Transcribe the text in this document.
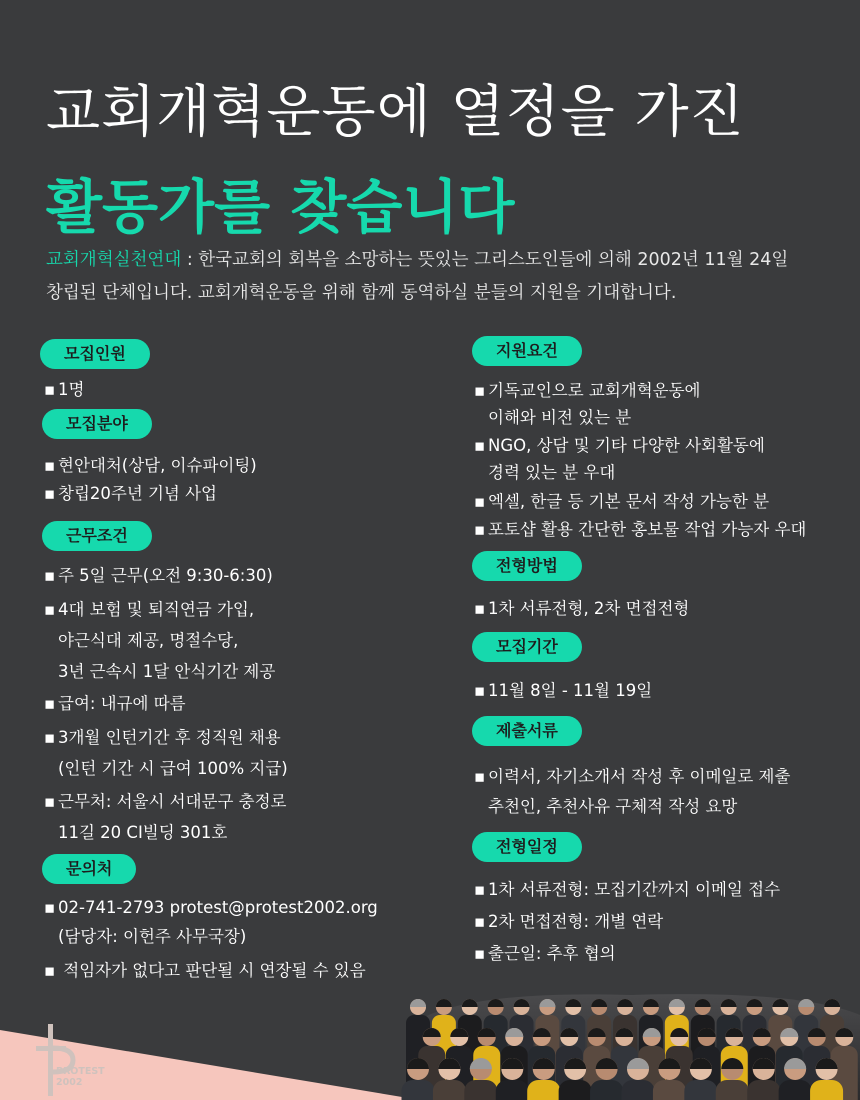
교회개혁운동에 열정을 가진
활동가를 찾습니다
교회개혁실천연대 : 한국교회의 회복을 소망하는 뜻있는 그리스도인들에 의해 2002년 11월 24일
창립된 단체입니다. 교회개혁운동을 위해 함께 동역하실 분들의 지원을 기대합니다.
모집인원
▪ 1명
모집분야
▪ 현안대처(상담, 이슈파이팅)
▪ 창립20주년 기념 사업
근무조건
▪ 주 5일 근무(오전 9:30-6:30)
▪ 4대 보험 및 퇴직연금 가입,
야근식대 제공, 명절수당,
3년 근속시 1달 안식기간 제공
▪ 급여: 내규에 따름
▪ 3개월 인턴기간 후 정직원 채용
(인턴 기간 시 급여 100% 지급)
▪ 근무처: 서울시 서대문구 충정로
11길 20 CI빌딩 301호
문의처
▪ 02-741-2793 protest@protest2002.org
(담당자: 이헌주 사무국장)
▪ 적임자가 없다고 판단될 시 연장될 수 있음
지원요건
▪ 기독교인으로 교회개혁운동에
이해와 비전 있는 분
▪ NGO, 상담 및 기타 다양한 사회활동에
경력 있는 분 우대
▪ 엑셀, 한글 등 기본 문서 작성 가능한 분
▪ 포토샵 활용 간단한 홍보물 작업 가능자 우대
전형방법
▪ 1차 서류전형, 2차 면접전형
모집기간
▪ 11월 8일 - 11월 19일
제출서류
▪ 이력서, 자기소개서 작성 후 이메일로 제출
추천인, 추천사유 구체적 작성 요망
전형일정
▪ 1차 서류전형: 모집기간까지 이메일 접수
▪ 2차 면접전형: 개별 연락
▪ 출근일: 추후 협의
PROTEST
2002
